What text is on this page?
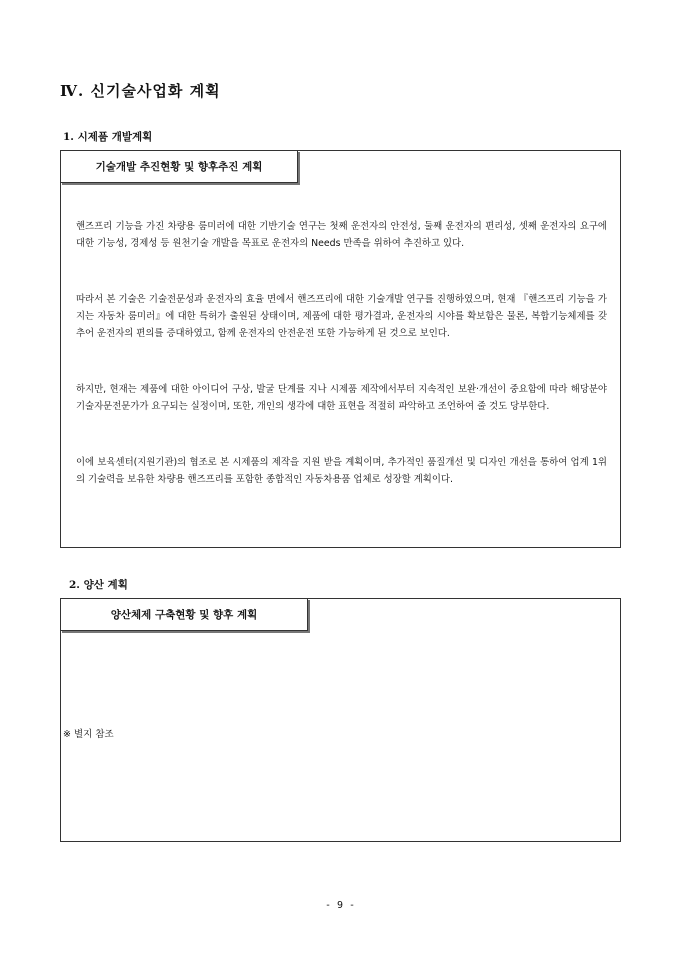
Ⅳ. 신기술사업화 계획
1. 시제품 개발계획
기술개발 추진현황 및 향후추진 계획

핸즈프리 기능을 가진 차량용 룸미러에 대한 기반기술 연구는 첫째 운전자의 안전성, 둘째 운전자의 편리성, 셋째 운전자의 요구에 대한 기능성, 경제성 등 원천기술 개발을 목표로 운전자의 Needs 만족을 위하여 추진하고 있다.

따라서 본 기술은 기술전문성과 운전자의 효율 면에서 핸즈프리에 대한 기술개발 연구를 진행하였으며, 현재 『핸즈프리 기능을 가지는 자동차 룸미러』에 대한 특허가 출원된 상태이며, 제품에 대한 평가결과, 운전자의 시야를 확보함은 물론, 복합기능체제를 갖추어 운전자의 편의를 증대하였고, 함께 운전자의 안전운전 또한 가능하게 된 것으로 보인다.

하지만, 현재는 제품에 대한 아이디어 구상, 발굴 단계를 지나 시제품 제작에서부터 지속적인 보완·개선이 중요함에 따라 해당분야 기술자문전문가가 요구되는 실정이며, 또한, 개인의 생각에 대한 표현을 적절히 파악하고 조언하여 줄 것도 당부한다.

이에 보육센터(지원기관)의 협조로 본 시제품의 제작을 지원 받을 계획이며, 추가적인 품질개선 및 디자인 개선을 통하여 업계 1위의 기술력을 보유한 차량용 핸즈프리를 포함한 종합적인 자동차용품 업체로 성장할 계획이다.

2. 양산 계획
양산체제 구축현황 및 향후 계획
※ 별지 참조
- 9 -
